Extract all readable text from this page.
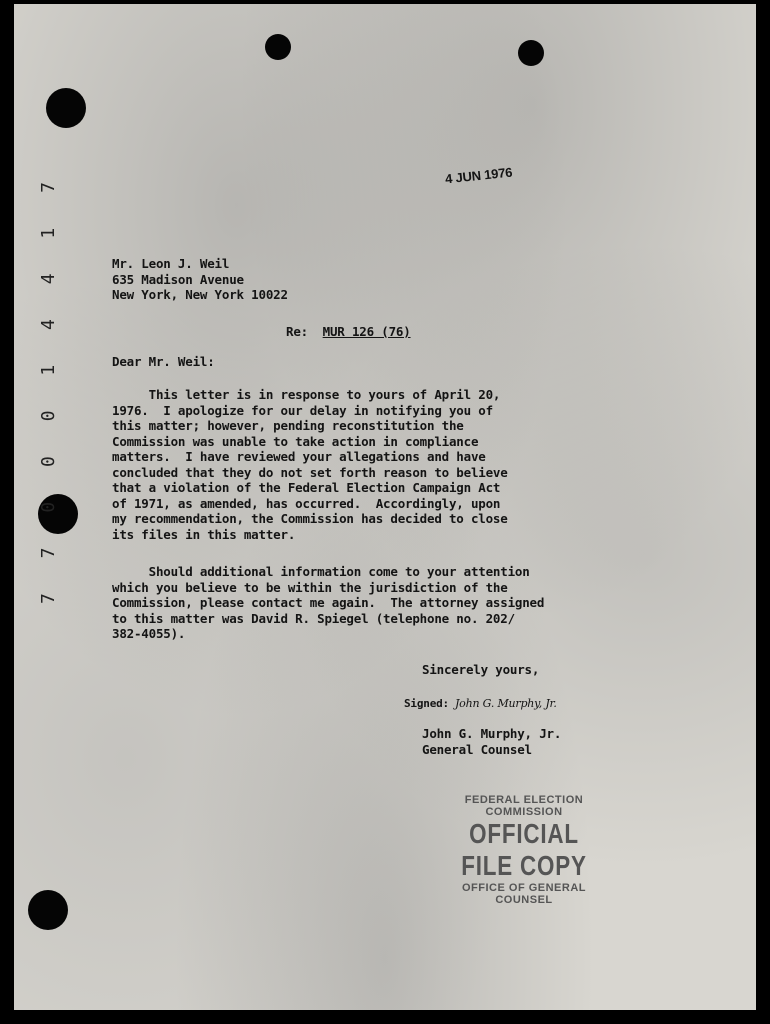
4 JUN 1976
Mr. Leon J. Weil
635 Madison Avenue
New York, New York 10022
Re: MUR 126 (76)
Dear Mr. Weil:
This letter is in response to yours of April 20,
1976.  I apologize for our delay in notifying you of
this matter; however, pending reconstitution the
Commission was unable to take action in compliance
matters.  I have reviewed your allegations and have
concluded that they do not set forth reason to believe
that a violation of the Federal Election Campaign Act
of 1971, as amended, has occurred.  Accordingly, upon
my recommendation, the Commission has decided to close
its files in this matter.
Should additional information come to your attention
which you believe to be within the jurisdiction of the
Commission, please contact me again.  The attorney assigned
to this matter was David R. Spiegel (telephone no. 202/
382-4055).
Sincerely yours,
Signed: John G. Murphy, Jr.
John G. Murphy, Jr.
General Counsel
FEDERAL ELECTION COMMISSION
OFFICIAL FILE COPY
OFFICE OF GENERAL COUNSEL
7 7 0 0 0 1 4 4 1 7
